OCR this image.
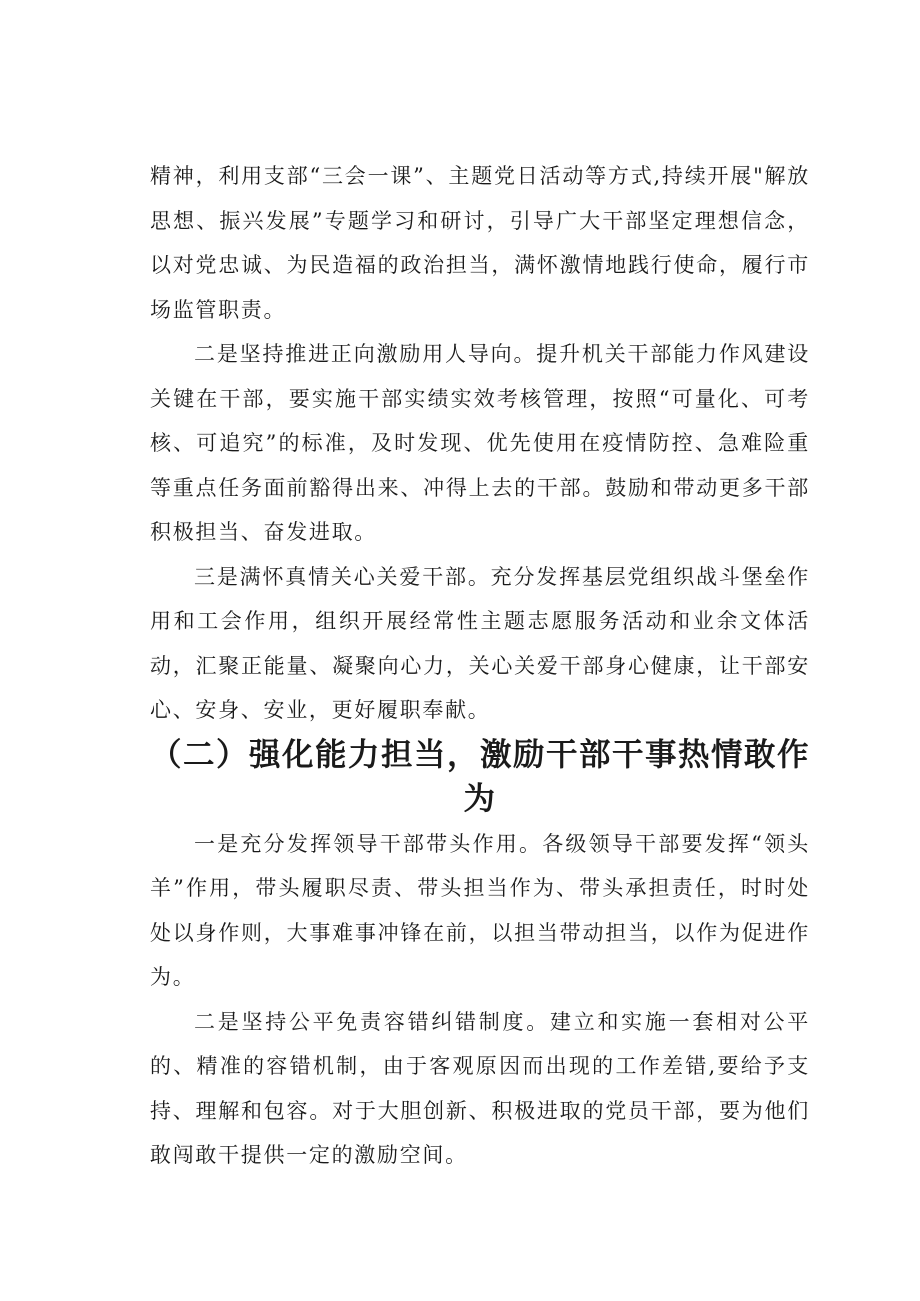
精神，利用支部“三会一课”、主题党日活动等方式,持续开展"解放思想、振兴发展”专题学习和研讨，引导广大干部坚定理想信念，以对党忠诚、为民造福的政治担当，满怀激情地践行使命，履行市场监管职责。

二是坚持推进正向激励用人导向。提升机关干部能力作风建设关键在干部，要实施干部实绩实效考核管理，按照“可量化、可考核、可追究”的标准，及时发现、优先使用在疫情防控、急难险重等重点任务面前豁得出来、冲得上去的干部。鼓励和带动更多干部积极担当、奋发进取。

三是满怀真情关心关爱干部。充分发挥基层党组织战斗堡垒作用和工会作用，组织开展经常性主题志愿服务活动和业余文体活动，汇聚正能量、凝聚向心力，关心关爱干部身心健康，让干部安心、安身、安业，更好履职奉献。

（二）强化能力担当，激励干部干事热情敢作为

一是充分发挥领导干部带头作用。各级领导干部要发挥“领头羊”作用，带头履职尽责、带头担当作为、带头承担责任，时时处处以身作则，大事难事冲锋在前，以担当带动担当，以作为促进作为。

二是坚持公平免责容错纠错制度。建立和实施一套相对公平的、精准的容错机制，由于客观原因而出现的工作差错,要给予支持、理解和包容。对于大胆创新、积极进取的党员干部，要为他们敢闯敢干提供一定的激励空间。
